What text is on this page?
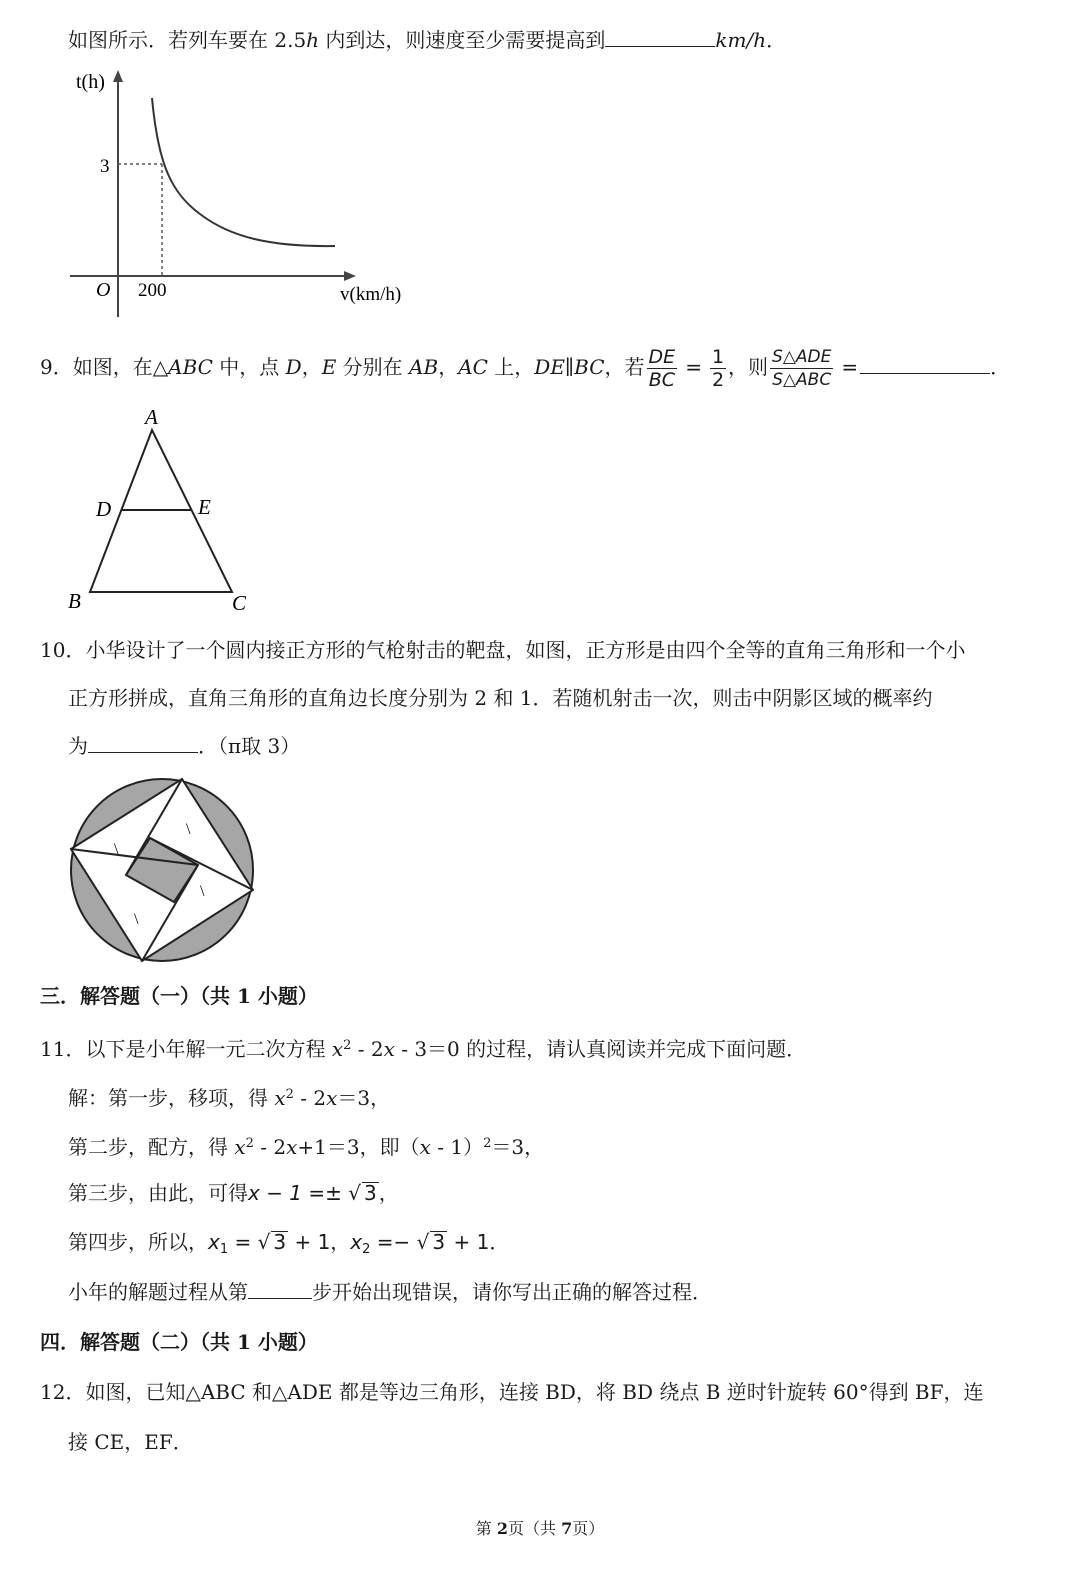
如图所示．若列车要在 2.5h 内到达，则速度至少需要提高到	km/h．
t(h)
3
O 200	v(km/h)
9．如图，在△ABC 中，点 D，E 分别在 AB，AC 上，DE∥BC，若 $\frac{DE}{BC} = \frac{1}{2}$ ，则 $\frac{\text{S△ADE}}{\text{S△ABC}}$ =	．
A
D	E
B	C
10．小华设计了一个圆内接正方形的气枪射击的靶盘，如图，正方形是由四个全等的直角三角形和一个小
正方形拼成，直角三角形的直角边长度分别为 2 和 1．若随机射击一次，则击中阴影区域的概率约
为	．（π取 3）
\
\
\
\
三．解答题（一）（共 1 小题）
11．以下是小年解一元二次方程 $x^2 - 2x - 3=0$ 的过程，请认真阅读并完成下面问题．
解：第一步，移项，得 $x^2 - 2x=3$，
第二步，配方，得 $x^2 - 2x+1=3$，即（x - 1）$^2$＝3，
第三步，由此，可得x − 1 =± √ 3 ，
第四步，所以，$x_1$ = √ 3 + 1，$x_2$ =− √ 3 + 1．
小年的解题过程从第	步开始出现错误，请你写出正确的解答过程．
四．解答题（二）（共 1 小题）
12．如图，已知△ABC 和△ADE 都是等边三角形，连接 BD，将 BD 绕点 B 逆时针旋转 60°得到 BF，连
接 CE，EF．
第 2页（共 7页）
